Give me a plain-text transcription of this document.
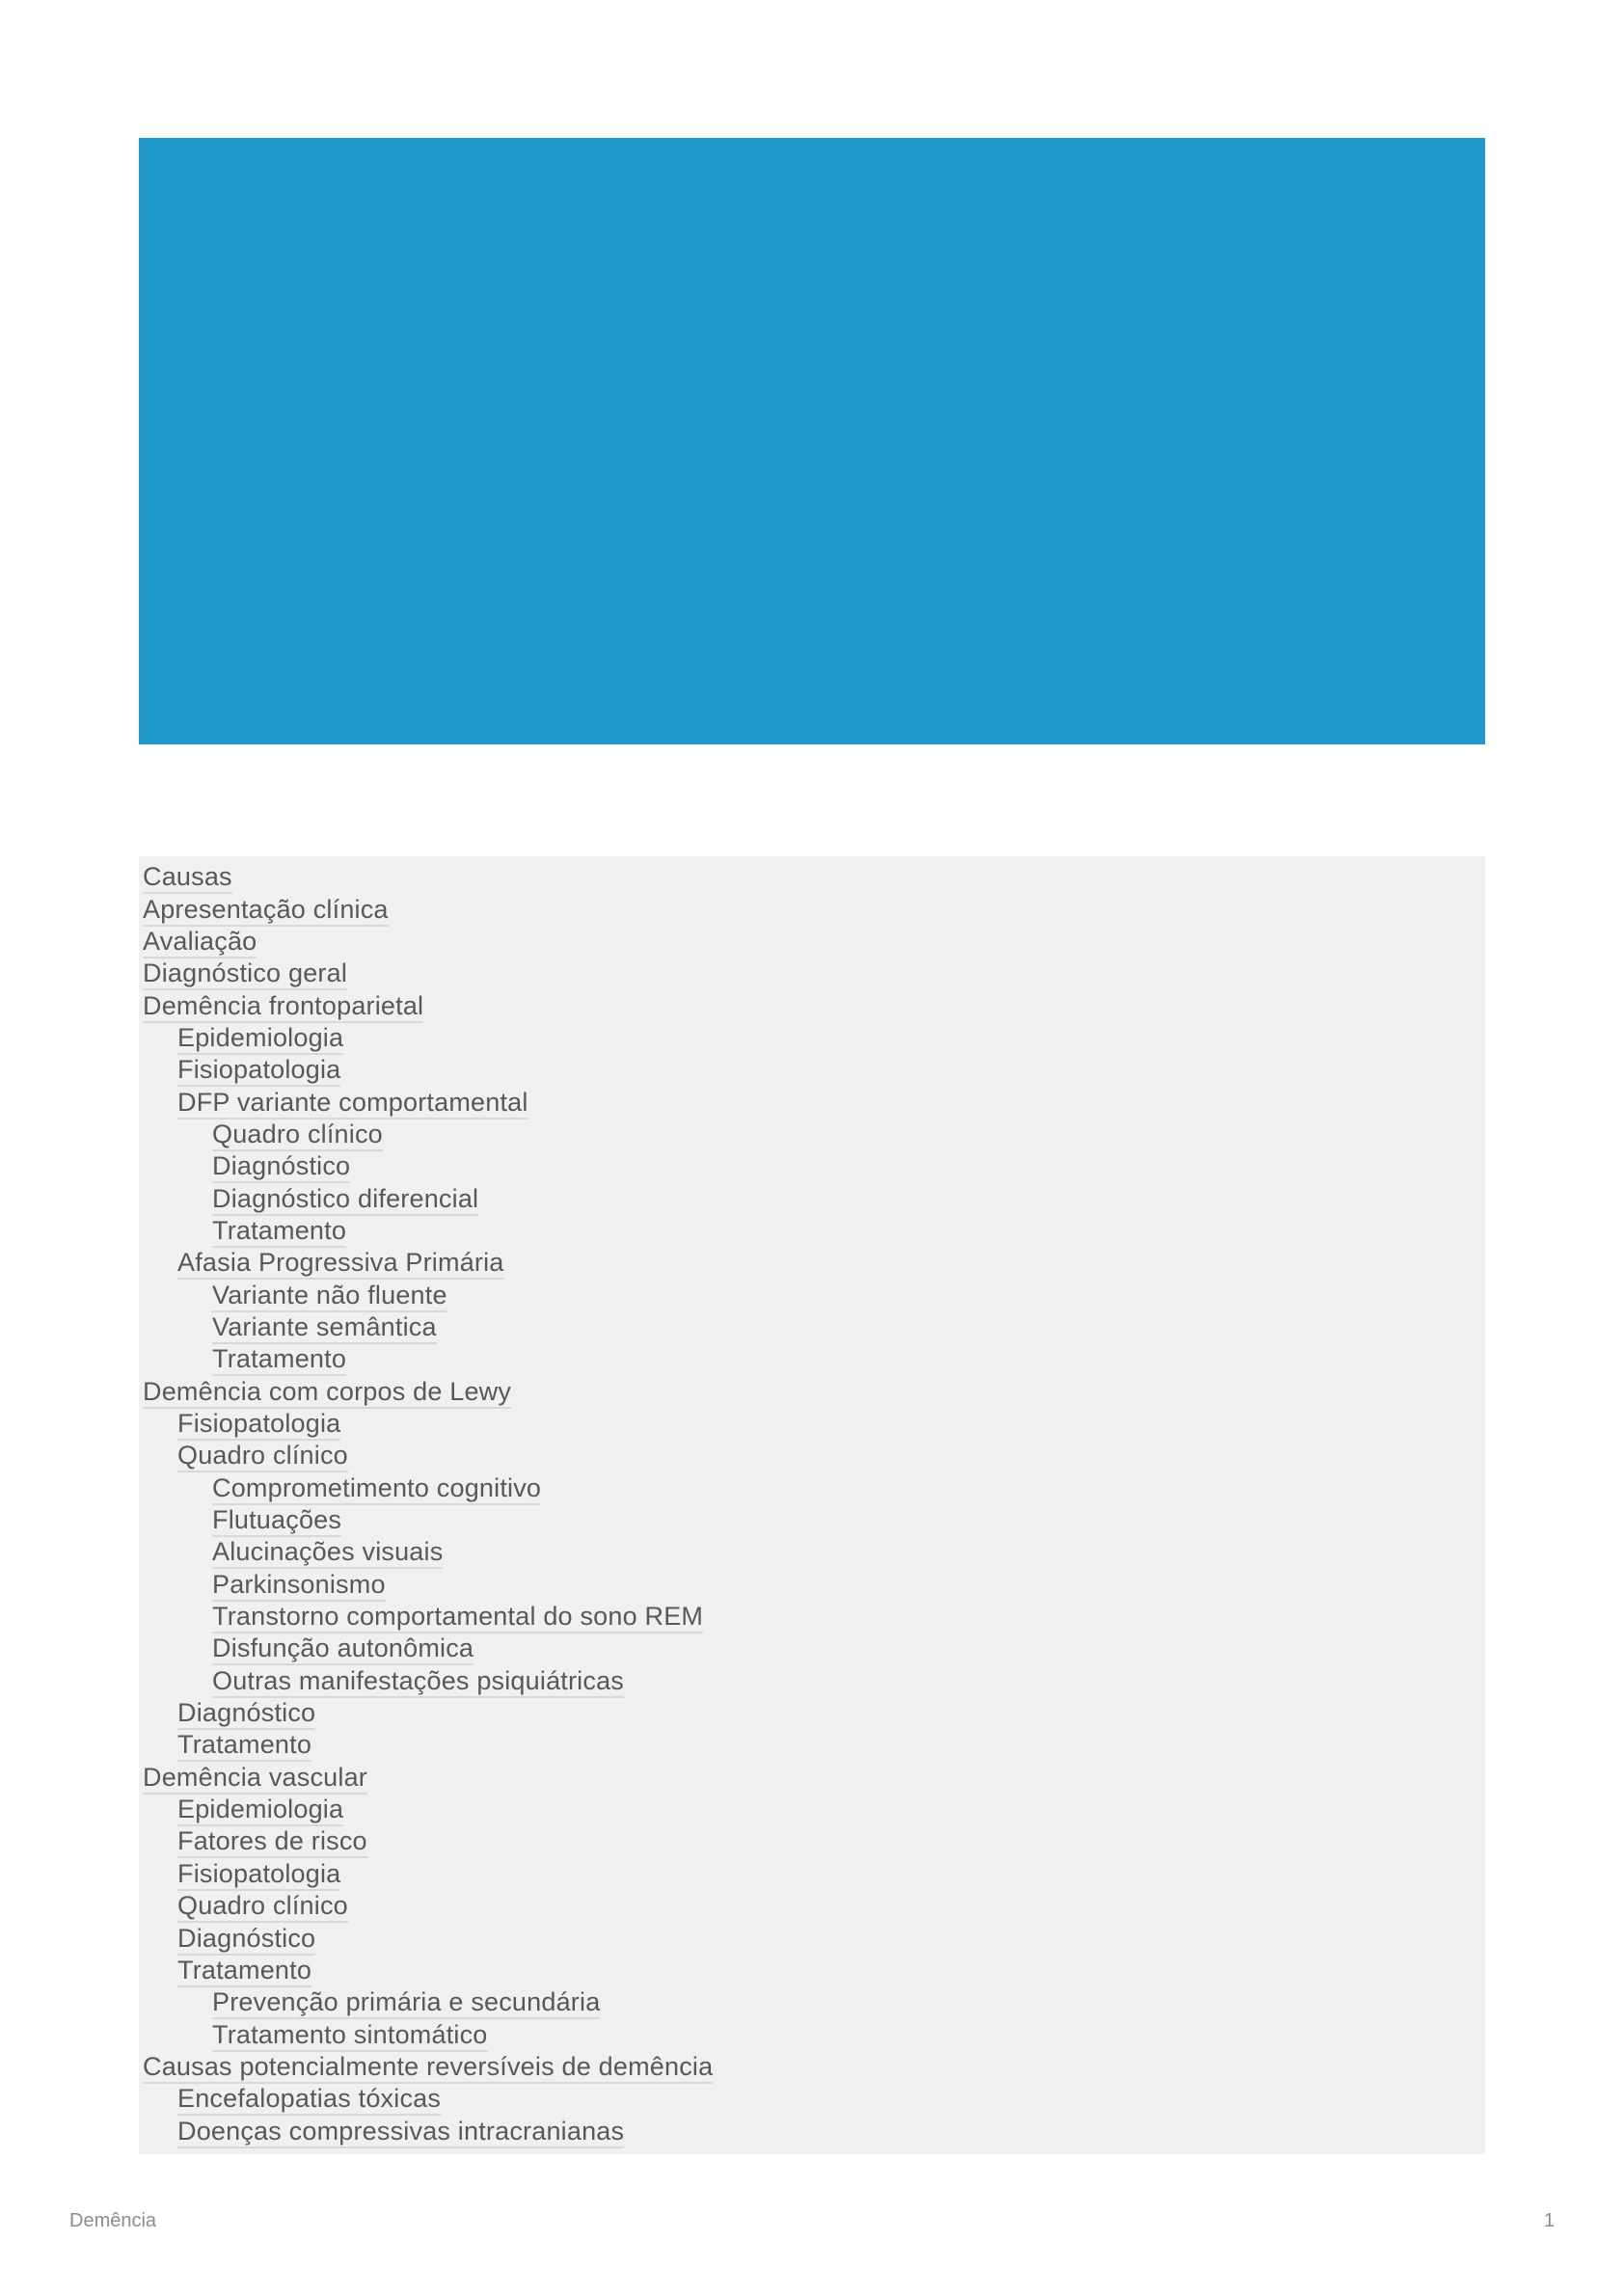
Causas
Apresentação clínica
Avaliação
Diagnóstico geral
Demência frontoparietal
Epidemiologia
Fisiopatologia
DFP variante comportamental
Quadro clínico
Diagnóstico
Diagnóstico diferencial
Tratamento
Afasia Progressiva Primária
Variante não fluente
Variante semântica
Tratamento
Demência com corpos de Lewy
Fisiopatologia
Quadro clínico
Comprometimento cognitivo
Flutuações
Alucinações visuais
Parkinsonismo
Transtorno comportamental do sono REM
Disfunção autonômica
Outras manifestações psiquiátricas
Diagnóstico
Tratamento
Demência vascular
Epidemiologia
Fatores de risco
Fisiopatologia
Quadro clínico
Diagnóstico
Tratamento
Prevenção primária e secundária
Tratamento sintomático
Causas potencialmente reversíveis de demência
Encefalopatias tóxicas
Doenças compressivas intracranianas
Demência	1
